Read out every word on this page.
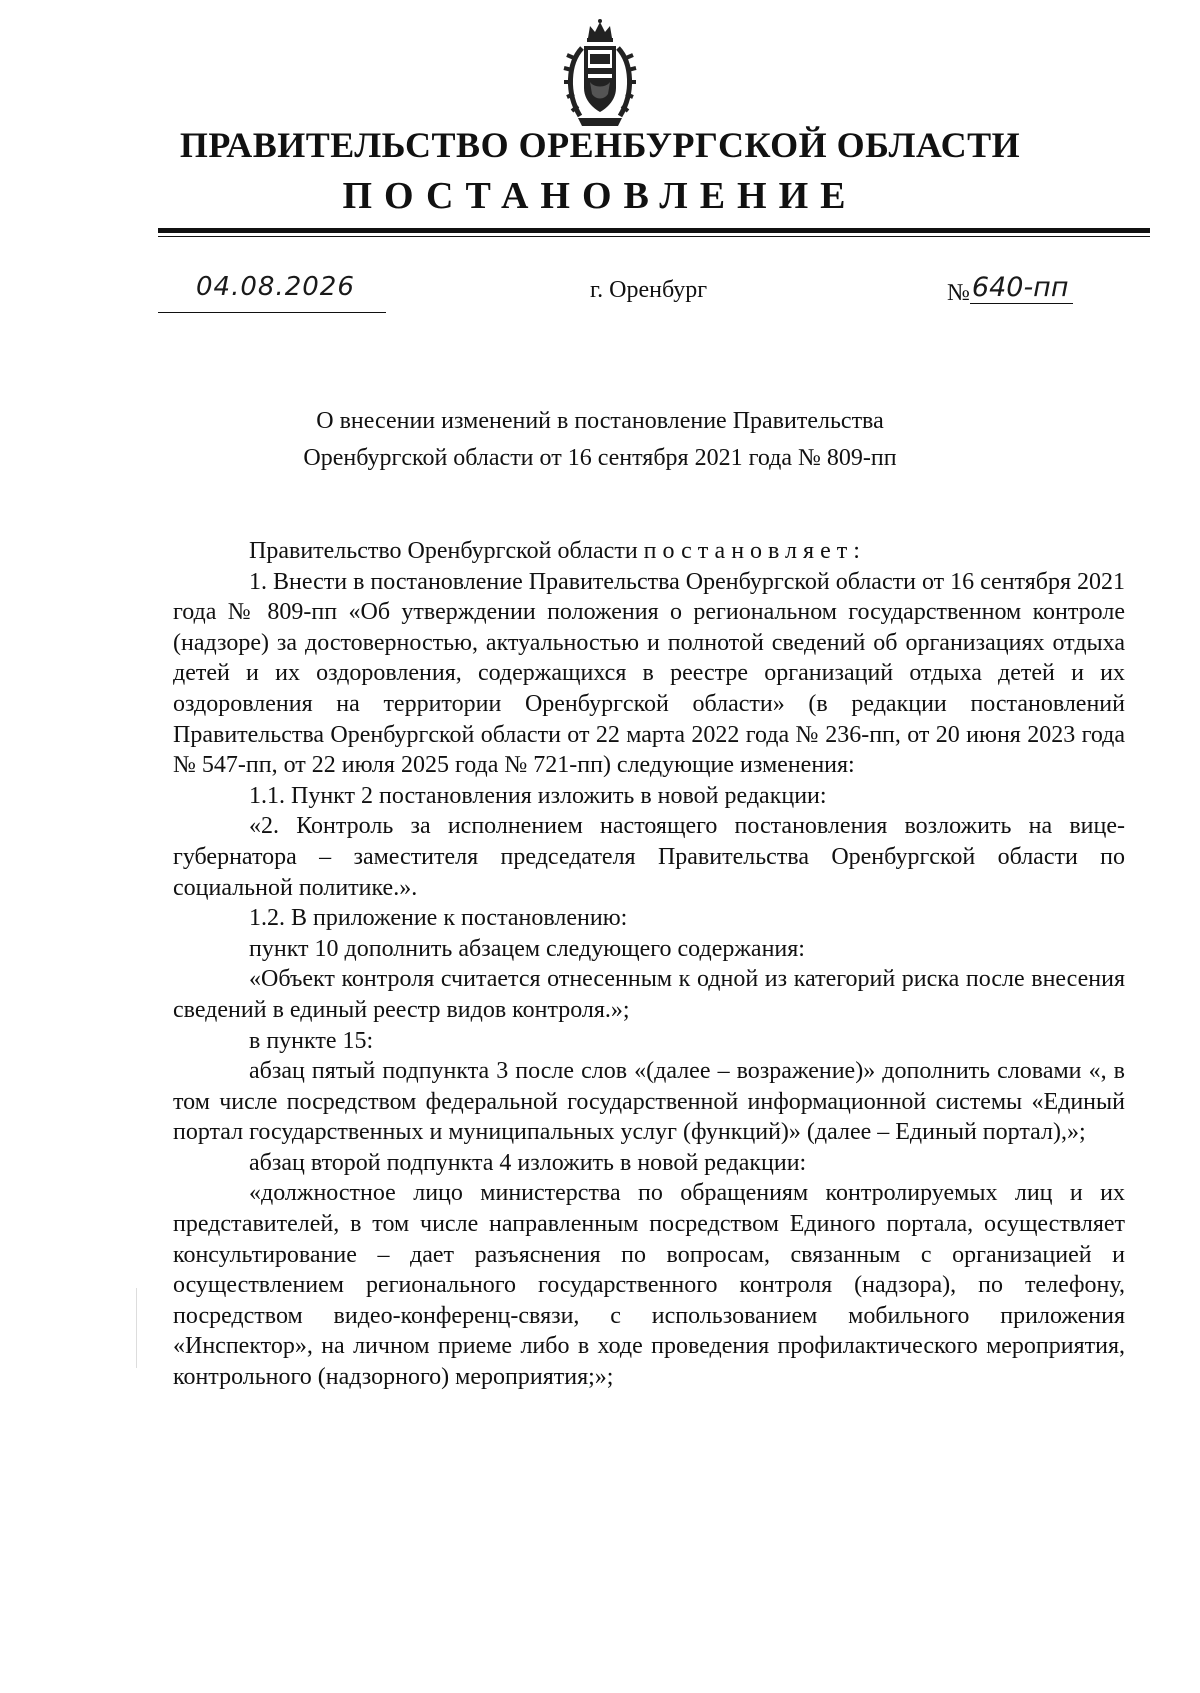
ПРАВИТЕЛЬСТВО ОРЕНБУРГСКОЙ ОБЛАСТИ
ПОСТАНОВЛЕНИЕ
04.08.2026	г. Оренбург	№640-пп
О внесении изменений в постановление Правительства
Оренбургской области от 16 сентября 2021 года № 809-пп

Правительство Оренбургской области постановляет:

1. Внести в постановление Правительства Оренбургской области от 16 сентября 2021 года № 809-пп «Об утверждении положения о региональном государственном контроле (надзоре) за достоверностью, актуальностью и полнотой сведений об организациях отдыха детей и их оздоровления, содержащихся в реестре организаций отдыха детей и их оздоровления на территории Оренбургской области» (в редакции постановлений Правительства Оренбургской области от 22 марта 2022 года № 236-пп, от 20 июня 2023 года № 547-пп, от 22 июля 2025 года № 721-пп) следующие изменения:

1.1. Пункт 2 постановления изложить в новой редакции:

«2. Контроль за исполнением настоящего постановления возложить на вице-губернатора – заместителя председателя Правительства Оренбургской области по социальной политике.».

1.2. В приложение к постановлению:

пункт 10 дополнить абзацем следующего содержания:

«Объект контроля считается отнесенным к одной из категорий риска после внесения сведений в единый реестр видов контроля.»;

в пункте 15:

абзац пятый подпункта 3 после слов «(далее – возражение)» дополнить словами «, в том числе посредством федеральной государственной информационной системы «Единый портал государственных и муниципальных услуг (функций)» (далее – Единый портал),»;

абзац второй подпункта 4 изложить в новой редакции:

«должностное лицо министерства по обращениям контролируемых лиц и их представителей, в том числе направленным посредством Единого портала, осуществляет консультирование – дает разъяснения по вопросам, связанным с организацией и осуществлением регионального государственного контроля (надзора), по телефону, посредством видео-конференц-связи, с использованием мобильного приложения «Инспектор», на личном приеме либо в ходе проведения профилактического мероприятия, контрольного (надзорного) мероприятия;»;
